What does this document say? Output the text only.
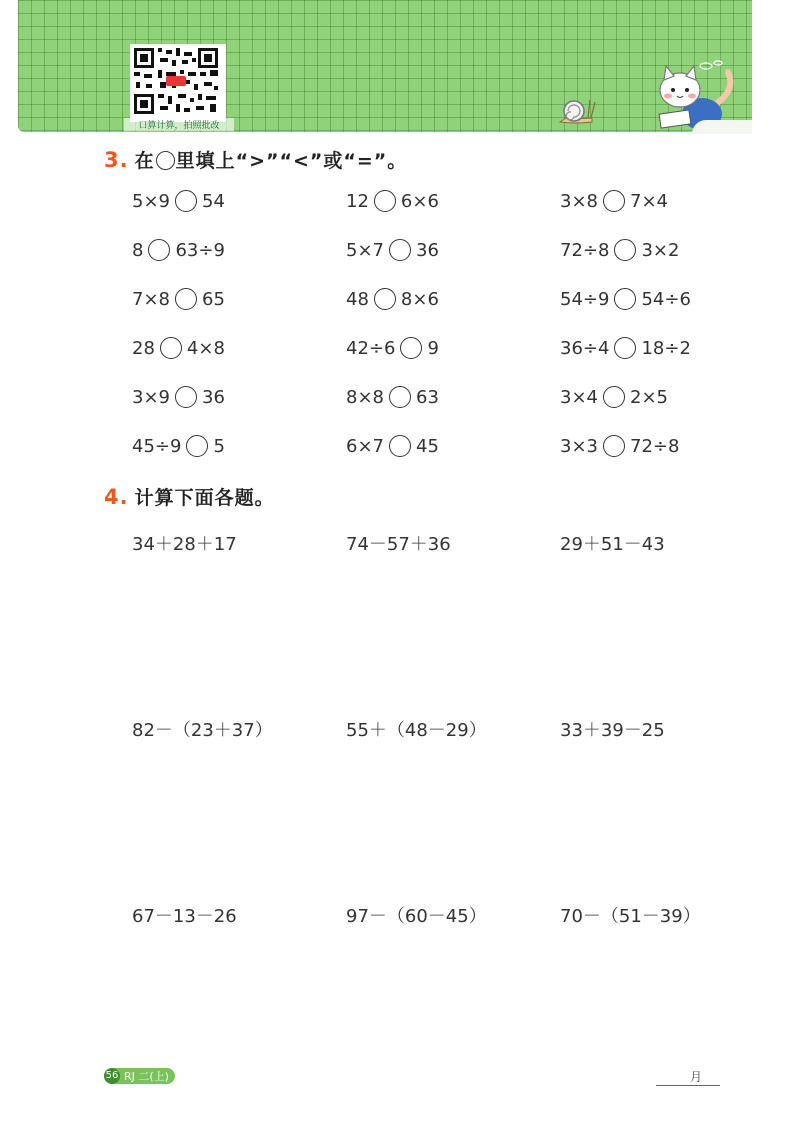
口算计算，拍照批改
3. 在 里填上“>”“<”或“=”。
5×9 54	12 6×6	3×8 7×4
8 63÷9	5×7 36	72÷8 3×2
7×8 65	48 8×6	54÷9 54÷6
28 4×8	42÷6 9	36÷4 18÷2
3×9 36	8×8 63	3×4 2×5
45÷9 5	6×7 45	3×3 72÷8
4. 计算下面各题。
34＋28＋17	74－57＋36	29＋51－43
82－（23＋37）	55＋（48－29）	33＋39－25
67－13－26	97－（60－45）	70－（51－39）
56 RJ 二(上)	月
